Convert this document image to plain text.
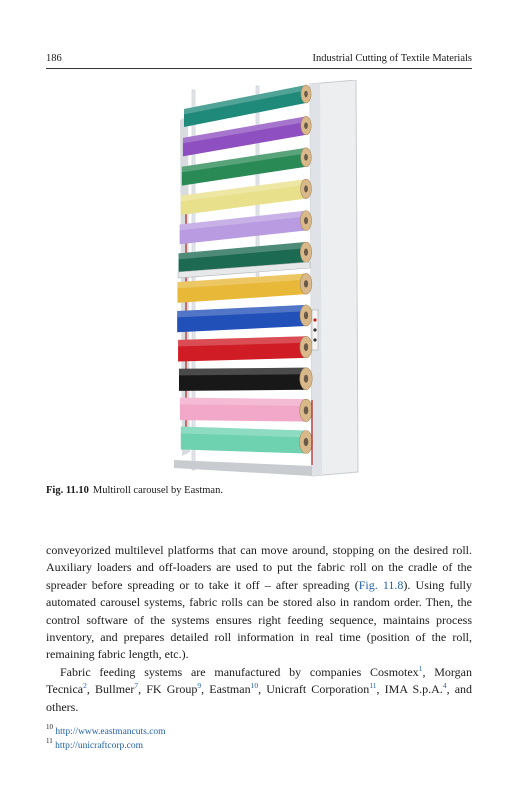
186	Industrial Cutting of Textile Materials
Fig. 11.10 Multiroll carousel by Eastman.

conveyorized multilevel platforms that can move around, stopping on the desired roll. Auxiliary loaders and off-loaders are used to put the fabric roll on the cradle of the spreader before spreading or to take it off – after spreading (Fig. 11.8). Using fully automated carousel systems, fabric rolls can be stored also in random order. Then, the control software of the systems ensures right feeding sequence, maintains process inventory, and prepares detailed roll information in real time (position of the roll, remaining fabric length, etc.).

Fabric feeding systems are manufactured by companies Cosmotex$^1$, Morgan Tecnica$^2$, Bullmer$^7$, FK Group$^9$, Eastman$^{10}$, Unicraft Corporation$^{11}$, IMA S.p.A.$^4$, and others.

$^{10}$ http://www.eastmancuts.com
$^{11}$ http://unicraftcorp.com
